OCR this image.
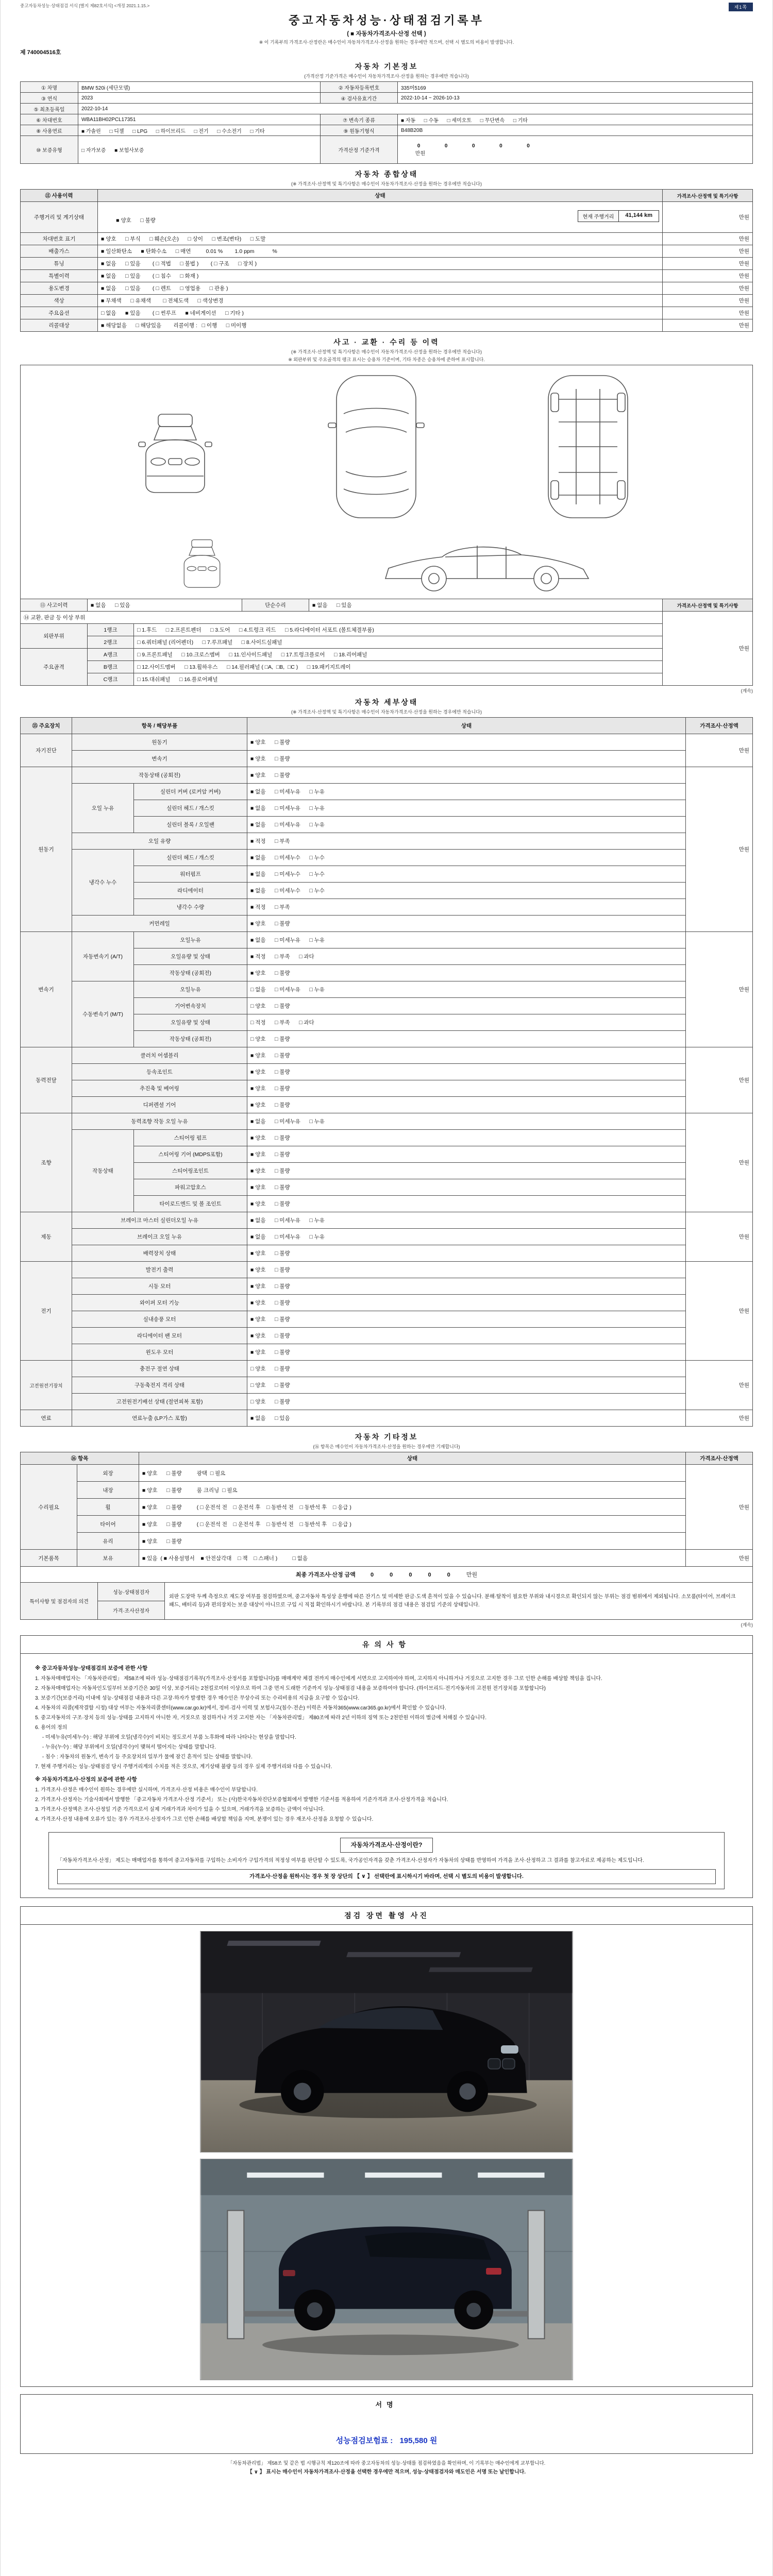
중고자동차성능·상태점검 서식 [별지 제82호서식] <개정 2021.1.15.>	제1쪽
중고자동차성능·상태점검기록부
( ■ 자동차가격조사·산정 선택 )
※ 이 기록부의 가격조사·산정란은 매수인이 자동차가격조사·산정을 원하는 경우에만 적으며, 선택 시 별도의 비용이 발생합니다.
제 740004516호
자동차 기본정보
(가격산정 기준가격은 매수인이 자동차가격조사·산정을 원하는 경우에만 적습니다)
① 차명	BMW 520i (세단모델)	② 자동차등록번호	335머5169
③ 연식	2023	④ 검사유효기간	2022-10-14 ~ 2026-10-13
⑤ 최초등록일	2022-10-14		
⑥ 차대번호	WBA11BH02PCL17351	⑦ 변속기 종류	■ 자동      □ 수동      □ 세미오토      □ 무단변속      □ 기타
⑧ 사용연료	■ 가솔린      □ 디젤      □ LPG      □ 하이브리드      □ 전기      □ 수소전기      □ 기타	⑨ 원동기형식	B48B20B
⑩ 보증유형	□ 자가보증      ■ 보험사보증	가격산정 기준가격	0  0  0  0  0
만원

자동차 종합상태
(※ 가격조사·산정액 및 특기사항은 매수인이 자동차가격조사·산정을 원하는 경우에만 적습니다)
⑪ 사용이력	상태	가격조사·산정액 및 특기사항
주행거리 및 계기상태	현재 주행거리 41,144 km

■ 양호      □ 불량	만원
차대번호 표기	■ 양호      □ 부식      □ 훼손(오손)      □ 상이      □ 변조(변타)      □ 도말	만원
배출가스	■ 일산화탄소      ■ 탄화수소      □ 매연          0.01 %        1.0 ppm            %	만원
튜닝	■ 없음      □ 있음        ( □ 적법      □ 불법 )        ( □ 구조      □ 장치 )	만원
특별이력	■ 없음      □ 있음        ( □ 침수      □ 화재 )	만원
용도변경	■ 없음      □ 있음        ( □ 렌트      □ 영업용      □ 관용 )	만원
색상	■ 무채색      □ 유채색        □ 전체도색      □ 색상변경	만원
주요옵션	□ 없음      ■ 있음        ( □ 썬루프      ■ 네비게이션      □ 기타 )	만원
리콜대상	■ 해당없음      □ 해당있음        리콜이행 :   □ 이행      □ 미이행	만원
사고 · 교환 · 수리 등 이력
(※ 가격조사·산정액 및 특기사항은 매수인이 자동차가격조사·산정을 원하는 경우에만 적습니다)
※ 외판부위 및 주요골격의 랭크 표시는 승용차 기준이며, 기타 차종은 승용차에 준하여 표시합니다.
⑬ 사고이력	■ 없음      □ 있음	단순수리	■ 없음      □ 있음	가격조사·산정액 및 특기사항
⑭ 교환, 판금 등 이상 부위			만원
외판부위	1랭크	□ 1.후드      □ 2.프론트펜더      □ 3.도어      □ 4.트렁크 리드      □ 5.라디에이터 서포트 (볼트체결부품)	
	2랭크	□ 6.쿼터패널 (리어펜더)      □ 7.루프패널      □ 8.사이드실패널	
주요골격	A랭크	□ 9.프론트패널      □ 10.크로스멤버      □ 11.인사이드패널      □ 17.트렁크플로어      □ 18.리어패널	
	B랭크	□ 12.사이드멤버      □ 13.휠하우스      □ 14.필러패널 ( □A,  □B,  □C )      □ 19.패키지트레이	
	C랭크	□ 15.대쉬패널      □ 16.플로어패널	
(계속)
자동차 세부상태
(※ 가격조사·산정액 및 특기사항은 매수인이 자동차가격조사·산정을 원하는 경우에만 적습니다)
⑮ 주요장치	항목 / 해당부품		상태	가격조사·산정액
자기진단	원동기		■ 양호      □ 불량	만원
	변속기		■ 양호      □ 불량	
원동기	작동상태 (공회전)		■ 양호      □ 불량	만원
	오일 누유	실린더 커버 (로커암 커버)	■ 없음      □ 미세누유      □ 누유	
		실린더 헤드 / 개스킷	■ 없음      □ 미세누유      □ 누유	
		실린더 블록 / 오일팬	■ 없음      □ 미세누유      □ 누유	
	오일 유량		■ 적정      □ 부족	
	냉각수 누수	실린더 헤드 / 개스킷	■ 없음      □ 미세누수      □ 누수	
		워터펌프	■ 없음      □ 미세누수      □ 누수	
		라디에이터	■ 없음      □ 미세누수      □ 누수	
		냉각수 수량	■ 적정      □ 부족	
	커먼레일		■ 양호      □ 불량	
변속기	자동변속기 (A/T)	오일누유	■ 없음      □ 미세누유      □ 누유	만원
		오일유량 및 상태	■ 적정      □ 부족      □ 과다	
		작동상태 (공회전)	■ 양호      □ 불량	
	수동변속기 (M/T)	오일누유	□ 없음      □ 미세누유      □ 누유	
		기어변속장치	□ 양호      □ 불량	
		오일유량 및 상태	□ 적정      □ 부족      □ 과다	
		작동상태 (공회전)	□ 양호      □ 불량	
동력전달	클러치 어셈블리		■ 양호      □ 불량	만원
	등속조인트		■ 양호      □ 불량	
	추진축 및 베어링		■ 양호      □ 불량	
	디퍼렌셜 기어		■ 양호      □ 불량	
조향	동력조향 작동 오일 누유		■ 없음      □ 미세누유      □ 누유	만원
	작동상태	스티어링 펌프	■ 양호      □ 불량	
		스티어링 기어 (MDPS포함)	■ 양호      □ 불량	
		스티어링조인트	■ 양호      □ 불량	
		파워고압호스	■ 양호      □ 불량	
		타이로드엔드 및 볼 조인트	■ 양호      □ 불량	
제동	브레이크 마스터 실린더오일 누유		■ 없음      □ 미세누유      □ 누유	만원
	브레이크 오일 누유		■ 없음      □ 미세누유      □ 누유	
	배력장치 상태		■ 양호      □ 불량	
전기	발전기 출력		■ 양호      □ 불량	만원
	시동 모터		■ 양호      □ 불량	
	와이퍼 모터 기능		■ 양호      □ 불량	
	실내송풍 모터		■ 양호      □ 불량	
	라디에이터 팬 모터		■ 양호      □ 불량	
	윈도우 모터		■ 양호      □ 불량	
고전원전기장치	충전구 절연 상태		□ 양호      □ 불량	만원
	구동축전지 격리 상태		□ 양호      □ 불량	
	고전원전기배선 상태 (절연피복 포함)		□ 양호      □ 불량	
연료	연료누출 (LP가스 포함)		■ 없음      □ 있음	만원
자동차 기타정보
(⑯ 항목은 매수인이 자동차가격조사·산정을 원하는 경우에만 기재합니다)
⑯ 항목		상태	가격조사·산정액
수리필요	외장	■ 양호      □ 불량          광택  □ 필요	만원
	내장	■ 양호      □ 불량          룸 크리닝  □ 필요	
	휠	■ 양호      □ 불량          ( □ 운전석 전    □ 운전석 후    □ 동반석 전    □ 동반석 후    □ 응급 )	
	타이어	■ 양호      □ 불량          ( □ 운전석 전    □ 운전석 후    □ 동반석 전    □ 동반석 후    □ 응급 )	
	유리	■ 양호      □ 불량	
기본품목	보유	■ 있음  ( ■ 사용설명서    ■ 안전삼각대    □ 잭    □ 스패너 )          □ 없음	만원
최종 가격조사·산정 금액	0 0 0 0 0 만원
특이사항 및 점검자의 의견	성능·상태점검자	외판 도장막 두께 측정으로 재도장 여부를 점검하였으며, 중고자동차 특성상 운행에 따른 잔기스 및 미세한 판금·도색 흔적이 있을 수 있습니다. 분해·탈착이 필요한 부위와 내시경으로 확인되지 않는 부위는 점검 범위에서 제외됩니다. 소모품(타이어, 브레이크 패드, 배터리 등)과 편의장치는 보증 대상이 아니므로 구입 시 직접 확인하시기 바랍니다. 본 기록부의 점검 내용은 점검일 기준의 상태입니다.
가격·조사산정자
(계속)
유의사항
※ 중고자동차성능·상태점검의 보증에 관한 사항
1. 자동차매매업자는 「자동차관리법」 제58조에 따라 성능·상태점검기록부(가격조사·산정서를 포함합니다)를 매매계약 체결 전까지 매수인에게 서면으로 고지하여야 하며, 고지하지 아니하거나 거짓으로 고지한 경우 그로 인한 손해를 배상할 책임을 집니다.
2. 자동차매매업자는 자동차인도일부터 보증기간은 30일 이상, 보증거리는 2천킬로미터 이상으로 하여 그중 먼저 도래한 기준까지 성능·상태점검 내용을 보증하여야 합니다. (하이브리드·전기자동차의 고전원 전기장치를 포함합니다)
3. 보증기간(보증거리) 이내에 성능·상태점검 내용과 다른 고장·하자가 발생한 경우 매수인은 무상수리 또는 수리비용의 지급을 요구할 수 있습니다.
4. 자동차의 리콜(제작결함 시정) 대상 여부는 자동차리콜센터(www.car.go.kr)에서, 정비·검사 이력 및 보험사고(침수·전손) 이력은 자동차365(www.car365.go.kr)에서 확인할 수 있습니다.
5. 중고자동차의 구조·장치 등의 성능·상태를 고지하지 아니한 자, 거짓으로 점검하거나 거짓 고지한 자는 「자동차관리법」 제80조에 따라 2년 이하의 징역 또는 2천만원 이하의 벌금에 처해질 수 있습니다.
6. 용어의 정의
- 미세누유(미세누수) : 해당 부위에 오일(냉각수)이 비치는 정도로서 부품 노후화에 따라 나타나는 현상을 말합니다.
- 누유(누수) : 해당 부위에서 오일(냉각수)이 맺혀서 떨어지는 상태를 말합니다.
- 침수 : 자동차의 원동기, 변속기 등 주요장치의 일부가 물에 잠긴 흔적이 있는 상태를 말합니다.
7. 현재 주행거리는 성능·상태점검 당시 주행거리계의 수치를 적은 것으로, 계기상태 불량 등의 경우 실제 주행거리와 다를 수 있습니다.
※ 자동차가격조사·산정의 보증에 관한 사항
1. 가격조사·산정은 매수인이 원하는 경우에만 실시하며, 가격조사·산정 비용은 매수인이 부담합니다.
2. 가격조사·산정자는 기술사회에서 발행한 「중고자동차 가격조사·산정 기준서」 또는 (사)한국자동차진단보증협회에서 발행한 기준서를 적용하여 기준가격과 조사·산정가격을 적습니다.
3. 가격조사·산정액은 조사·산정일 기준 가격으로서 실제 거래가격과 차이가 있을 수 있으며, 거래가격을 보증하는 금액이 아닙니다.
4. 가격조사·산정 내용에 오류가 있는 경우 가격조사·산정자가 그로 인한 손해를 배상할 책임을 지며, 분쟁이 있는 경우 재조사·산정을 요청할 수 있습니다.
자동차가격조사·산정이란?
「자동차가격조사·산정」 제도는 매매업자를 통하여 중고자동차를 구입하는 소비자가 구입가격의 적정성 여부를 판단할 수 있도록, 국가공인자격을 갖춘 가격조사·산정자가 자동차의 상태를 반영하여 가격을 조사·산정하고 그 결과를 참고자료로 제공하는 제도입니다.
가격조사·산정을 원하시는 경우 첫 장 상단의 【 ∨ 】 선택란에 표시하시기 바라며, 선택 시 별도의 비용이 발생합니다.
점검 장면 촬영 사진
서명
성능점검보험료 : 195,580 원
「자동차관리법」 제58조 및 같은 법 시행규칙 제120조에 따라 중고자동차의 성능·상태를 점검하였음을 확인하며, 이 기록부는 매수인에게 교부합니다.
【 ∨ 】 표시는 매수인이 자동차가격조사·산정을 선택한 경우에만 적으며, 성능·상태점검자와 매도인은 서명 또는 날인합니다.
